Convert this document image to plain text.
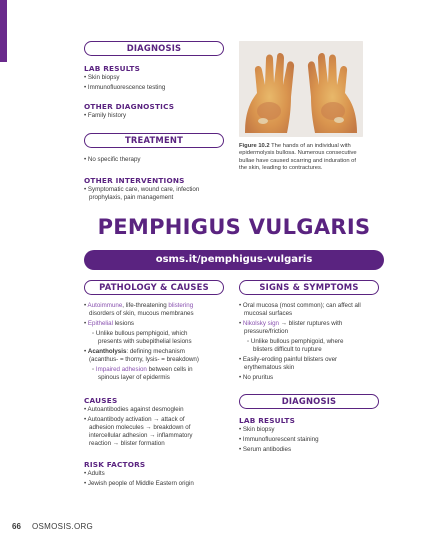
DIAGNOSIS
LAB RESULTS
• Skin biopsy
• Immunofluorescence testing
OTHER DIAGNOSTICS
• Family history
TREATMENT
• No specific therapy
OTHER INTERVENTIONS
• Symptomatic care, wound care, infection
prophylaxis, pain management
Figure 10.2 The hands of an individual with
epidermolysis bullosa. Numerous consecutive
bullae have caused scarring and induration of
the skin, leading to contractures.
PEMPHIGUS VULGARIS
osms.it/pemphigus-vulgaris
PATHOLOGY & CAUSES
• Autoimmune, life-threatening blistering
disorders of skin, mucous membranes
• Epithelial lesions
◦ Unlike bullous pemphigoid, which
presents with subepithelial lesions
• Acantholysis: defining mechanism
(acanthus- = thorny, lysis- = breakdown)
◦ Impaired adhesion between cells in
spinous layer of epidermis
CAUSES
• Autoantibodies against desmoglein
• Autoantibody activation → attack of
adhesion molecules → breakdown of
intercellular adhesion → inflammatory
reaction → blister formation
RISK FACTORS
• Adults
• Jewish people of Middle Eastern origin
SIGNS & SYMPTOMS
• Oral mucosa (most common); can affect all
mucosal surfaces
• Nikolsky sign → blister ruptures with
pressure/friction
◦ Unlike bullous pemphigoid, where
blisters difficult to rupture
• Easily-eroding painful blisters over
erythematous skin
• No pruritus
DIAGNOSIS
LAB RESULTS
• Skin biopsy
• Immunofluorescent staining
• Serum antibodies
66 OSMOSIS.ORG
